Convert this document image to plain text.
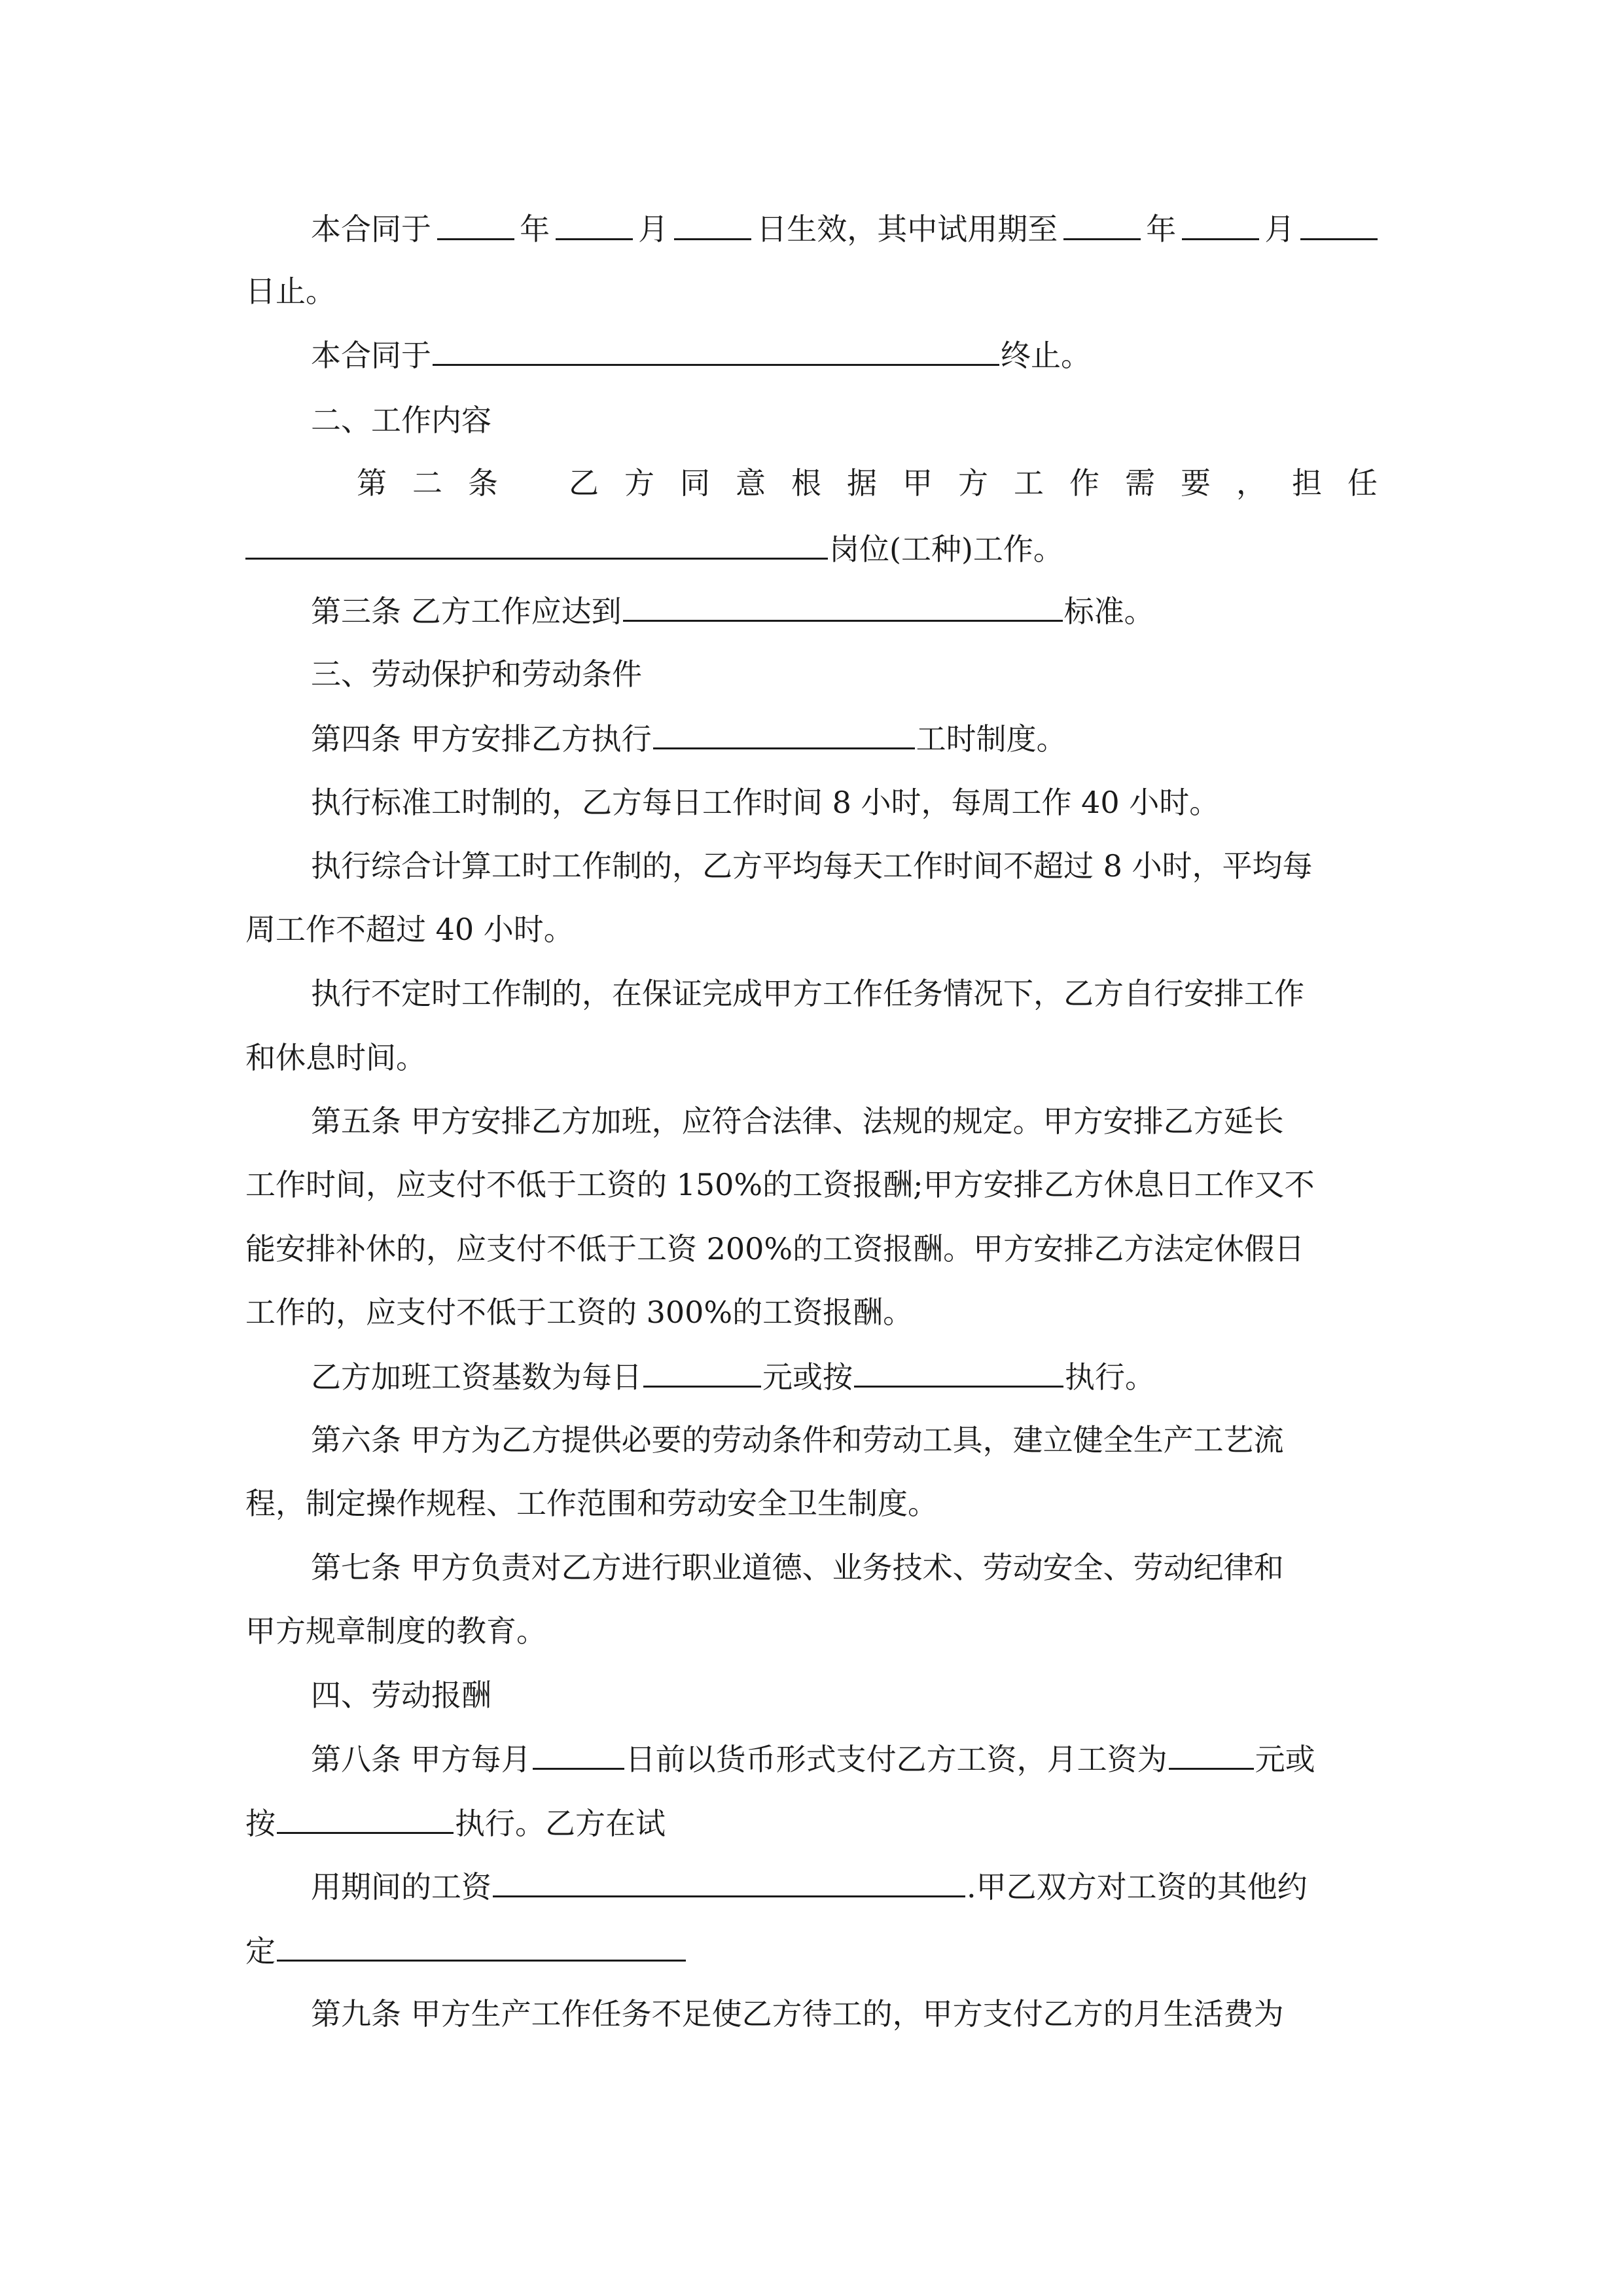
本合同于	年	月	日生效，其中试用期至	年	月
日止。
本合同于	终止。
二、工作内容
第 二 条 乙 方 同 意 根 据 甲 方 工 作 需 要 ， 担 任
岗位(工种)工作。
第三条 乙方工作应达到	标准。
三、劳动保护和劳动条件
第四条 甲方安排乙方执行	工时制度。
执行标准工时制的，乙方每日工作时间 8 小时，每周工作 40 小时。
执行综合计算工时工作制的，乙方平均每天工作时间不超过 8 小时，平均每
周工作不超过 40 小时。
执行不定时工作制的，在保证完成甲方工作任务情况下，乙方自行安排工作
和休息时间。
第五条 甲方安排乙方加班，应符合法律、法规的规定。甲方安排乙方延长
工作时间，应支付不低于工资的 150%的工资报酬;甲方安排乙方休息日工作又不
能安排补休的，应支付不低于工资 200%的工资报酬。甲方安排乙方法定休假日
工作的，应支付不低于工资的 300%的工资报酬。
乙方加班工资基数为每日	元或按	执行。
第六条 甲方为乙方提供必要的劳动条件和劳动工具，建立健全生产工艺流
程，制定操作规程、工作范围和劳动安全卫生制度。
第七条 甲方负责对乙方进行职业道德、业务技术、劳动安全、劳动纪律和
甲方规章制度的教育。
四、劳动报酬
第八条 甲方每月	日前以货币形式支付乙方工资，月工资为	元或
按	执行。乙方在试
用期间的工资	.甲乙双方对工资的其他约
定
第九条 甲方生产工作任务不足使乙方待工的，甲方支付乙方的月生活费为
